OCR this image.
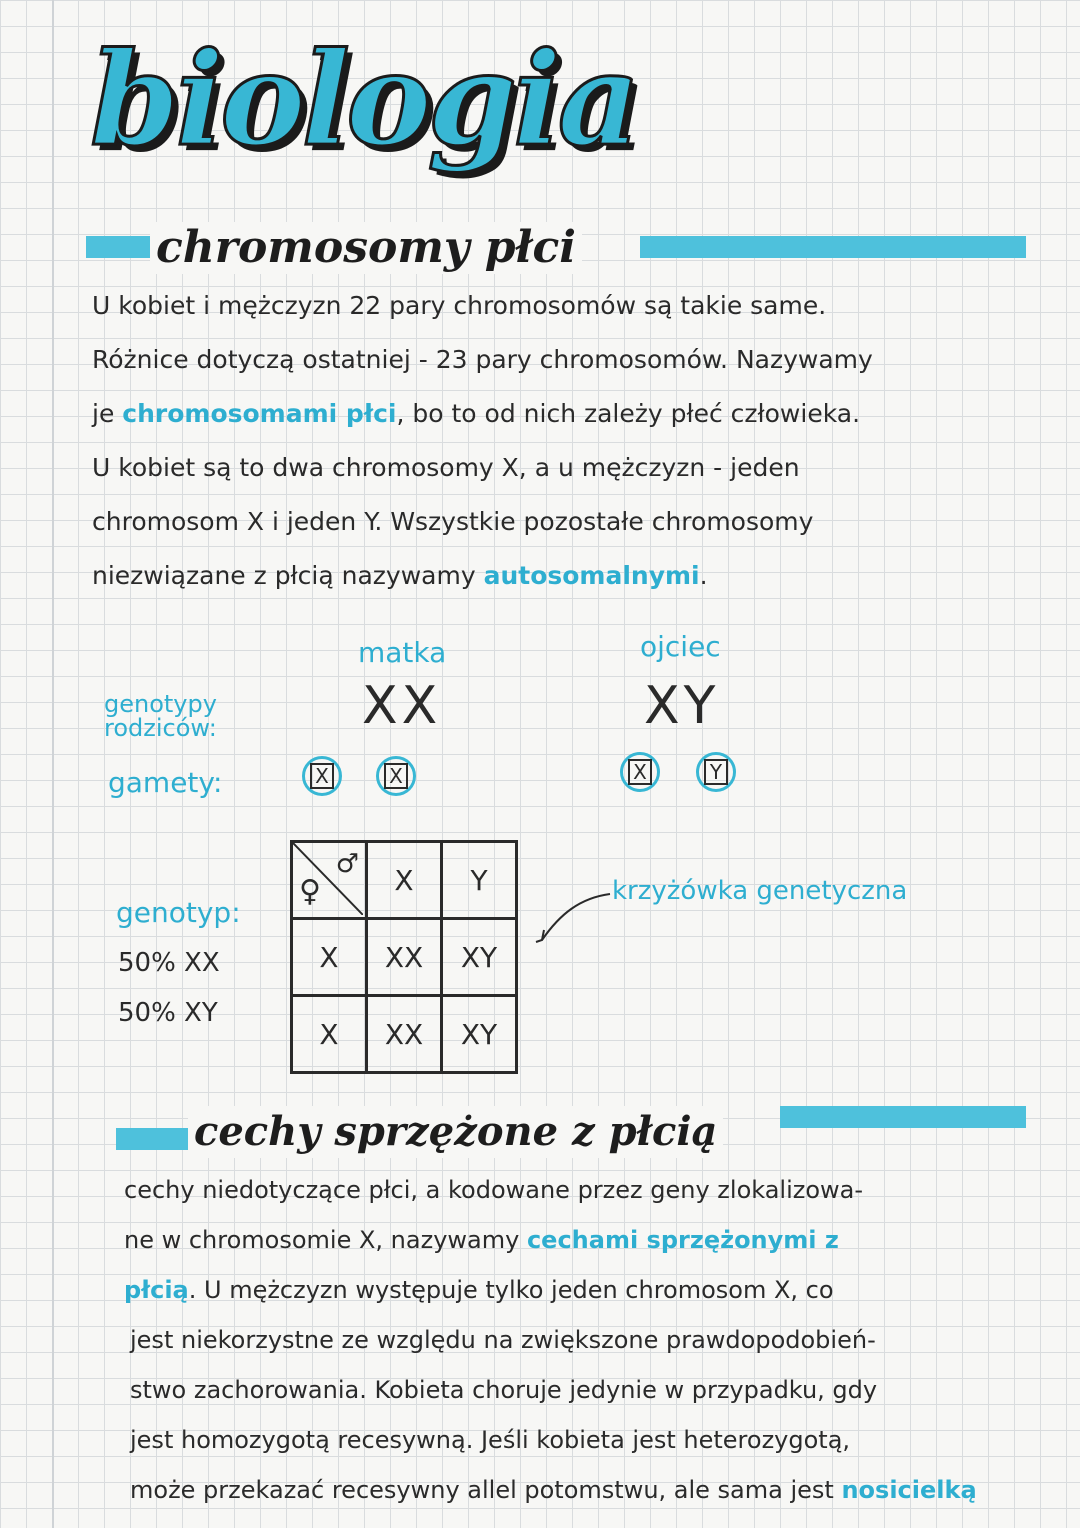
biologia
chromosomy płci
U kobiet i mężczyzn 22 pary chromosomów są takie same.
Różnice dotyczą ostatniej - 23 pary chromosomów. Nazywamy
je chromosomami płci, bo to od nich zależy płeć człowieka.
U kobiet są to dwa chromosomy X, a u mężczyzn - jeden
chromosom X i jeden Y. Wszystkie pozostałe chromosomy
niezwiązane z płcią nazywamy autosomalnymi.
matka	ojciec
XX	XY
genotypy rodziców:
gamety:	X	X	X	Y
genotyp:
50% XX
50% XY
♂
♀	X	Y
X	XX	XY
X	XX	XY
krzyżówka genetyczna
cechy sprzężone z płcią
cechy niedotyczące płci, a kodowane przez geny zlokalizowa-
ne w chromosomie X, nazywamy cechami sprzężonymi z
płcią. U mężczyzn występuje tylko jeden chromosom X, co
jest niekorzystne ze względu na zwiększone prawdopodobień-
stwo zachorowania. Kobieta choruje jedynie w przypadku, gdy
jest homozygotą recesywną. Jeśli kobieta jest heterozygotą,
może przekazać recesywny allel potomstwu, ale sama jest nosicielką
